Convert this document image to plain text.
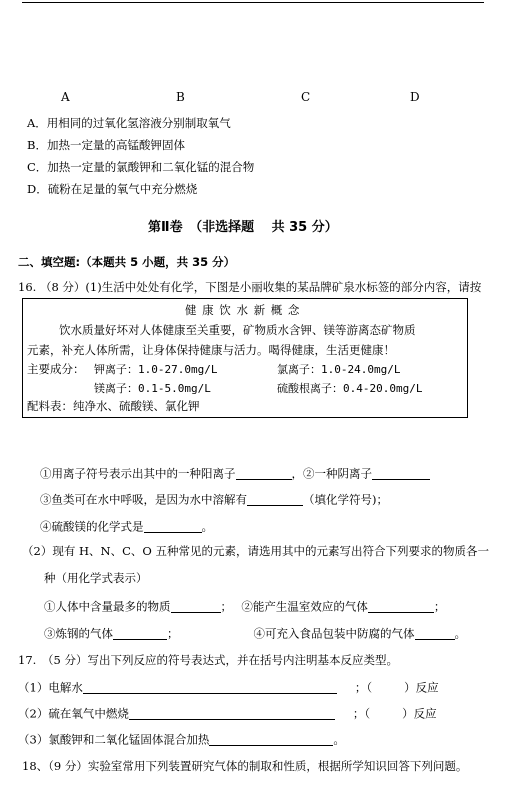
A	B	C	D
A．用相同的过氧化氢溶液分别制取氧气
B．加热一定量的高锰酸钾固体
C．加热一定量的氯酸钾和二氧化锰的混合物
D．硫粉在足量的氧气中充分燃烧
第Ⅱ卷　（非选择题　 共 35 分）
二、填空题:（本题共 5 小题，共 35 分）
16. （8 分）(1)生活中处处有化学，下图是小丽收集的某品牌矿泉水标签的部分内容，请按
健 康 饮 水 新 概 念
饮水质量好坏对人体健康至关重要，矿物质水含钾、镁等游离态矿物质
元素，补充人体所需，让身体保持健康与活力。喝得健康，生活更健康！
主要成分： 钾离子：1.0-27.0mg/L	氯离子：1.0-24.0mg/L
镁离子：0.1-5.0mg/L	硫酸根离子：0.4-20.0mg/L
配料表：纯净水、硫酸镁、氯化钾
①用离子符号表示出其中的一种阳离子	，②一种阴离子
③鱼类可在水中呼吸，是因为水中溶解有	（填化学符号)；
④硫酸镁的化学式是	。
（2）现有 H、N、C、O 五种常见的元素，请选用其中的元素写出符合下列要求的物质各一
种（用化学式表示）
①人体中含量最多的物质	；　 ②能产生温室效应的气体	；
③炼钢的气体	；	④可充入食品包装中防腐的气体	。
17.　（5 分）写出下列反应的符号表达式，并在括号内注明基本反应类型。
（1）电解水	；（	）反应
（2）硫在氧气中燃烧	；（	）反应
（3）氯酸钾和二氧化锰固体混合加热	。
18、（9 分）实验室常用下列装置研究气体的制取和性质，根据所学知识回答下列问题。
